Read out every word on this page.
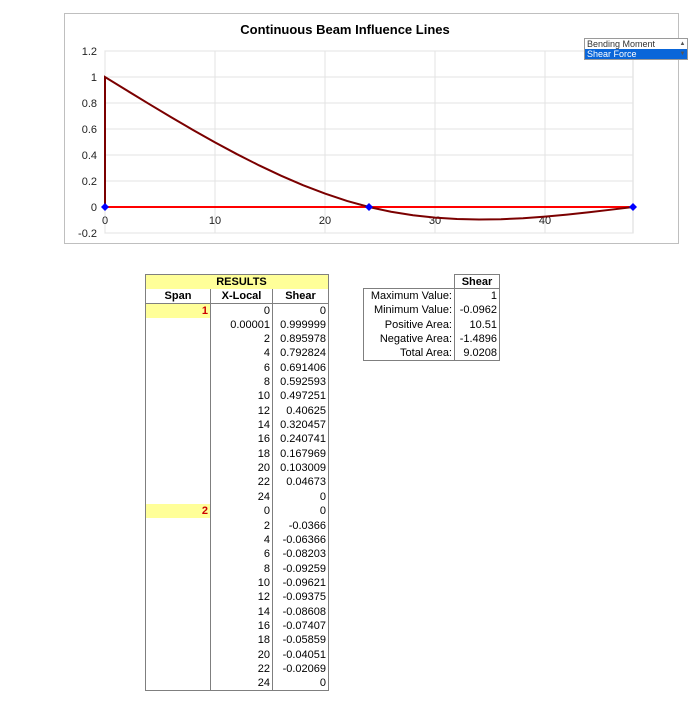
Continuous Beam Influence Lines
1.2
1
0.8
0.6
0.4
0.2
0
-0.2
0	10	20	30	40
Bending Moment
Shear Force
▲
▼
	RESULTS	
Span	X-Local	Shear
1	0	0
	0.00001	0.999999
	2	0.895978
	4	0.792824
	6	0.691406
	8	0.592593
	10	0.497251
	12	0.40625
	14	0.320457
	16	0.240741
	18	0.167969
	20	0.103009
	22	0.04673
	24	0
2	0	0
	2	-0.0366
	4	-0.06366
	6	-0.08203
	8	-0.09259
	10	-0.09621
	12	-0.09375
	14	-0.08608
	16	-0.07407
	18	-0.05859
	20	-0.04051
	22	-0.02069
	24	0
	Shear
Maximum Value:	1
Minimum Value:	-0.0962
Positive Area:	10.51
Negative Area:	-1.4896
Total Area:	9.0208
